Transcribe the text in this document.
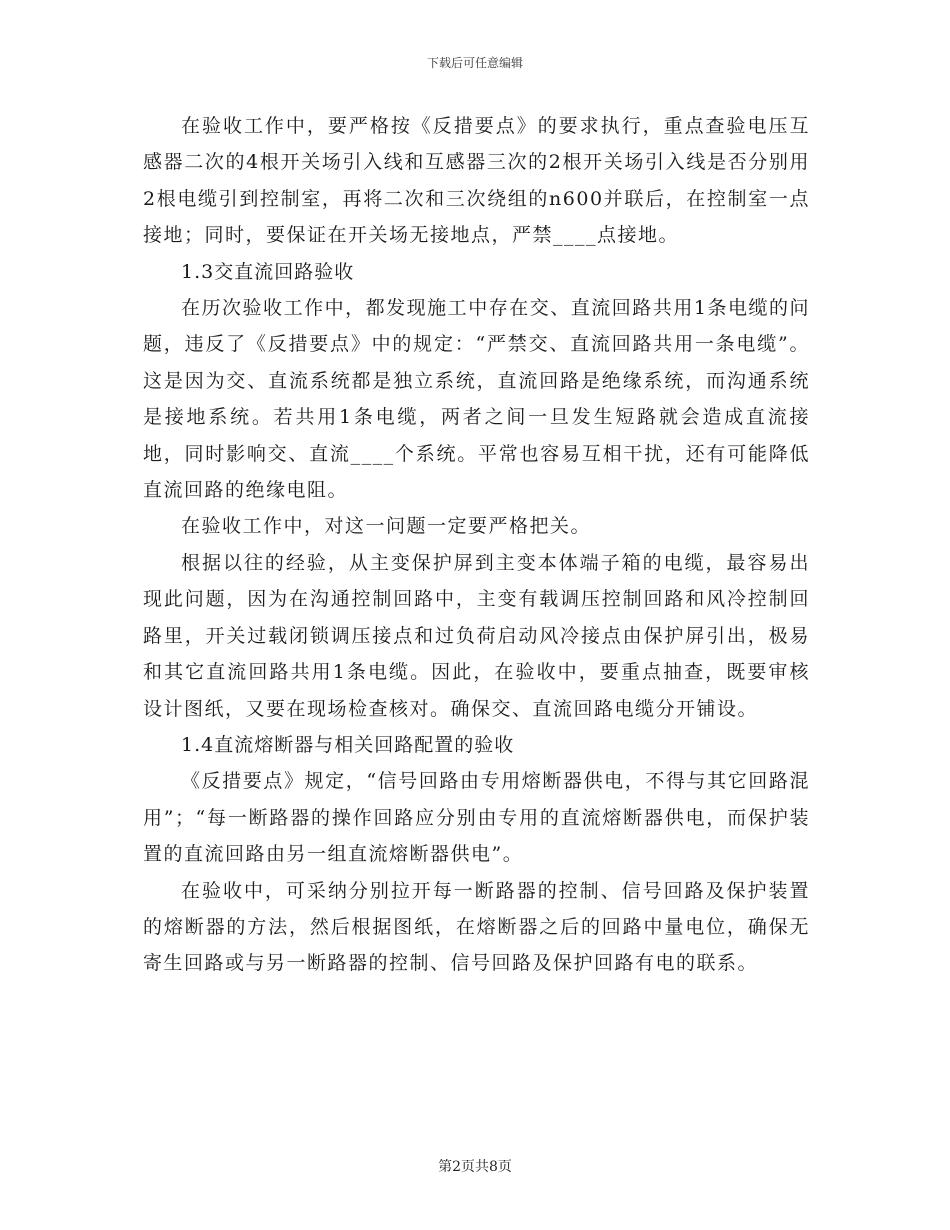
下载后可任意编辑

在验收工作中，要严格按《反措要点》的要求执行，重点查验电压互感器二次的4根开关场引入线和互感器三次的2根开关场引入线是否分别用2根电缆引到控制室，再将二次和三次绕组的n600并联后，在控制室一点接地；同时，要保证在开关场无接地点，严禁____点接地。

1.3交直流回路验收

在历次验收工作中，都发现施工中存在交、直流回路共用1条电缆的问题，违反了《反措要点》中的规定：“严禁交、直流回路共用一条电缆”。这是因为交、直流系统都是独立系统，直流回路是绝缘系统，而沟通系统是接地系统。若共用1条电缆，两者之间一旦发生短路就会造成直流接地，同时影响交、直流____个系统。平常也容易互相干扰，还有可能降低直流回路的绝缘电阻。

在验收工作中，对这一问题一定要严格把关。

根据以往的经验，从主变保护屏到主变本体端子箱的电缆，最容易出现此问题，因为在沟通控制回路中，主变有载调压控制回路和风冷控制回路里，开关过载闭锁调压接点和过负荷启动风冷接点由保护屏引出，极易和其它直流回路共用1条电缆。因此，在验收中，要重点抽查，既要审核设计图纸，又要在现场检查核对。确保交、直流回路电缆分开铺设。

1.4直流熔断器与相关回路配置的验收

《反措要点》规定，“信号回路由专用熔断器供电，不得与其它回路混用”；“每一断路器的操作回路应分别由专用的直流熔断器供电，而保护装置的直流回路由另一组直流熔断器供电”。

在验收中，可采纳分别拉开每一断路器的控制、信号回路及保护装置的熔断器的方法，然后根据图纸，在熔断器之后的回路中量电位，确保无寄生回路或与另一断路器的控制、信号回路及保护回路有电的联系。

第2页共8页
